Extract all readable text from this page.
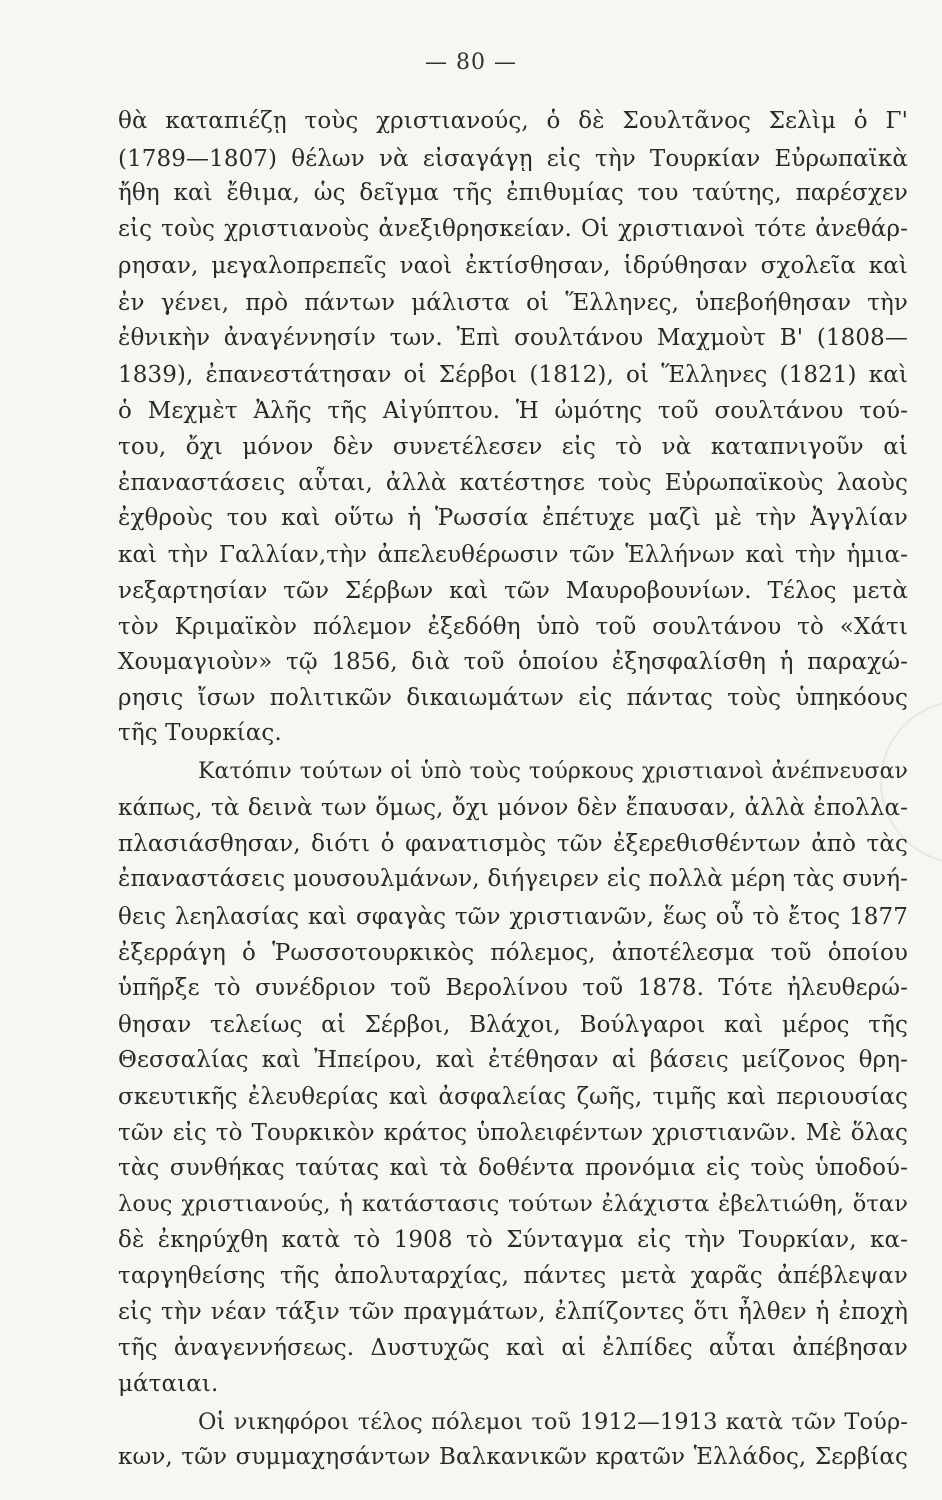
— 80 —
θὰ καταπιέζῃ τοὺς χριστιανούς, ὁ δὲ Σουλτᾶνος Σελὶμ ὁ Γ'
(1789—1807) θέλων νὰ εἰσαγάγῃ εἰς τὴν Τουρκίαν Εὐρωπαϊκὰ
ἤθη καὶ ἔθιμα, ὡς δεῖγμα τῆς ἐπιθυμίας του ταύτης, παρέσχεν
εἰς τοὺς χριστιανοὺς ἀνεξιθρησκείαν. Οἱ χριστιανοὶ τότε ἀνεθάρ-
ρησαν, μεγαλοπρεπεῖς ναοὶ ἐκτίσθησαν, ἱδρύθησαν σχολεῖα καὶ
ἐν γένει, πρὸ πάντων μάλιστα οἱ Ἕλληνες, ὑπεβοήθησαν τὴν
ἐθνικὴν ἀναγέννησίν των. Ἐπὶ σουλτάνου Μαχμοὺτ Β' (1808—
1839), ἐπανεστάτησαν οἱ Σέρβοι (1812), οἱ Ἕλληνες (1821) καὶ
ὁ Μεχμὲτ Ἀλῆς τῆς Αἰγύπτου. Ἡ ὠμότης τοῦ σουλτάνου τού-
του, ὄχι μόνον δὲν συνετέλεσεν εἰς τὸ νὰ καταπνιγοῦν αἱ
ἐπαναστάσεις αὗται, ἀλλὰ κατέστησε τοὺς Εὐρωπαϊκοὺς λαοὺς
ἐχθροὺς του καὶ οὕτω ἡ Ῥωσσία ἐπέτυχε μαζὶ μὲ τὴν Ἀγγλίαν
καὶ τὴν Γαλλίαν,τὴν ἀπελευθέρωσιν τῶν Ἑλλήνων καὶ τὴν ἡμια-
νεξαρτησίαν τῶν Σέρβων καὶ τῶν Μαυροβουνίων. Τέλος μετὰ
τὸν Κριμαϊκὸν πόλεμον ἐξεδόθη ὑπὸ τοῦ σουλτάνου τὸ «Χάτι
Χουμαγιοὺν» τῷ 1856, διὰ τοῦ ὁποίου ἐξησφαλίσθη ἡ παραχώ-
ρησις ἴσων πολιτικῶν δικαιωμάτων εἰς πάντας τοὺς ὑπηκόους
τῆς Τουρκίας.
Κατόπιν τούτων οἱ ὑπὸ τοὺς τούρκους χριστιανοὶ ἀνέπνευσαν
κάπως, τὰ δεινὰ των ὅμως, ὄχι μόνον δὲν ἔπαυσαν, ἀλλὰ ἐπολλα-
πλασιάσθησαν, διότι ὁ φανατισμὸς τῶν ἐξερεθισθέντων ἀπὸ τὰς
ἐπαναστάσεις μουσουλμάνων, διήγειρεν εἰς πολλὰ μέρη τὰς συνή-
θεις λεηλασίας καὶ σφαγὰς τῶν χριστιανῶν, ἕως οὗ τὸ ἔτος 1877
ἐξερράγη ὁ Ῥωσσοτουρκικὸς πόλεμος, ἀποτέλεσμα τοῦ ὁποίου
ὑπῆρξε τὸ συνέδριον τοῦ Βερολίνου τοῦ 1878. Τότε ἠλευθερώ-
θησαν τελείως αἱ Σέρβοι, Βλάχοι, Βούλγαροι καὶ μέρος τῆς
Θεσσαλίας καὶ Ἠπείρου, καὶ ἐτέθησαν αἱ βάσεις μείζονος θρη-
σκευτικῆς ἐλευθερίας καὶ ἀσφαλείας ζωῆς, τιμῆς καὶ περιουσίας
τῶν εἰς τὸ Τουρκικὸν κράτος ὑπολειφέντων χριστιανῶν. Μὲ ὅλας
τὰς συνθήκας ταύτας καὶ τὰ δοθέντα προνόμια εἰς τοὺς ὑποδού-
λους χριστιανούς, ἡ κατάστασις τούτων ἐλάχιστα ἐβελτιώθη, ὅταν
δὲ ἐκηρύχθη κατὰ τὸ 1908 τὸ Σύνταγμα εἰς τὴν Τουρκίαν, κα-
ταργηθείσης τῆς ἀπολυταρχίας, πάντες μετὰ χαρᾶς ἀπέβλεψαν
εἰς τὴν νέαν τάξιν τῶν πραγμάτων, ἐλπίζοντες ὅτι ἦλθεν ἡ ἐποχὴ
τῆς ἀναγεννήσεως. Δυστυχῶς καὶ αἱ ἐλπίδες αὗται ἀπέβησαν
μάταιαι.
Οἱ νικηφόροι τέλος πόλεμοι τοῦ 1912—1913 κατὰ τῶν Τούρ-
κων, τῶν συμμαχησάντων Βαλκανικῶν κρατῶν Ἑλλάδος, Σερβίας
